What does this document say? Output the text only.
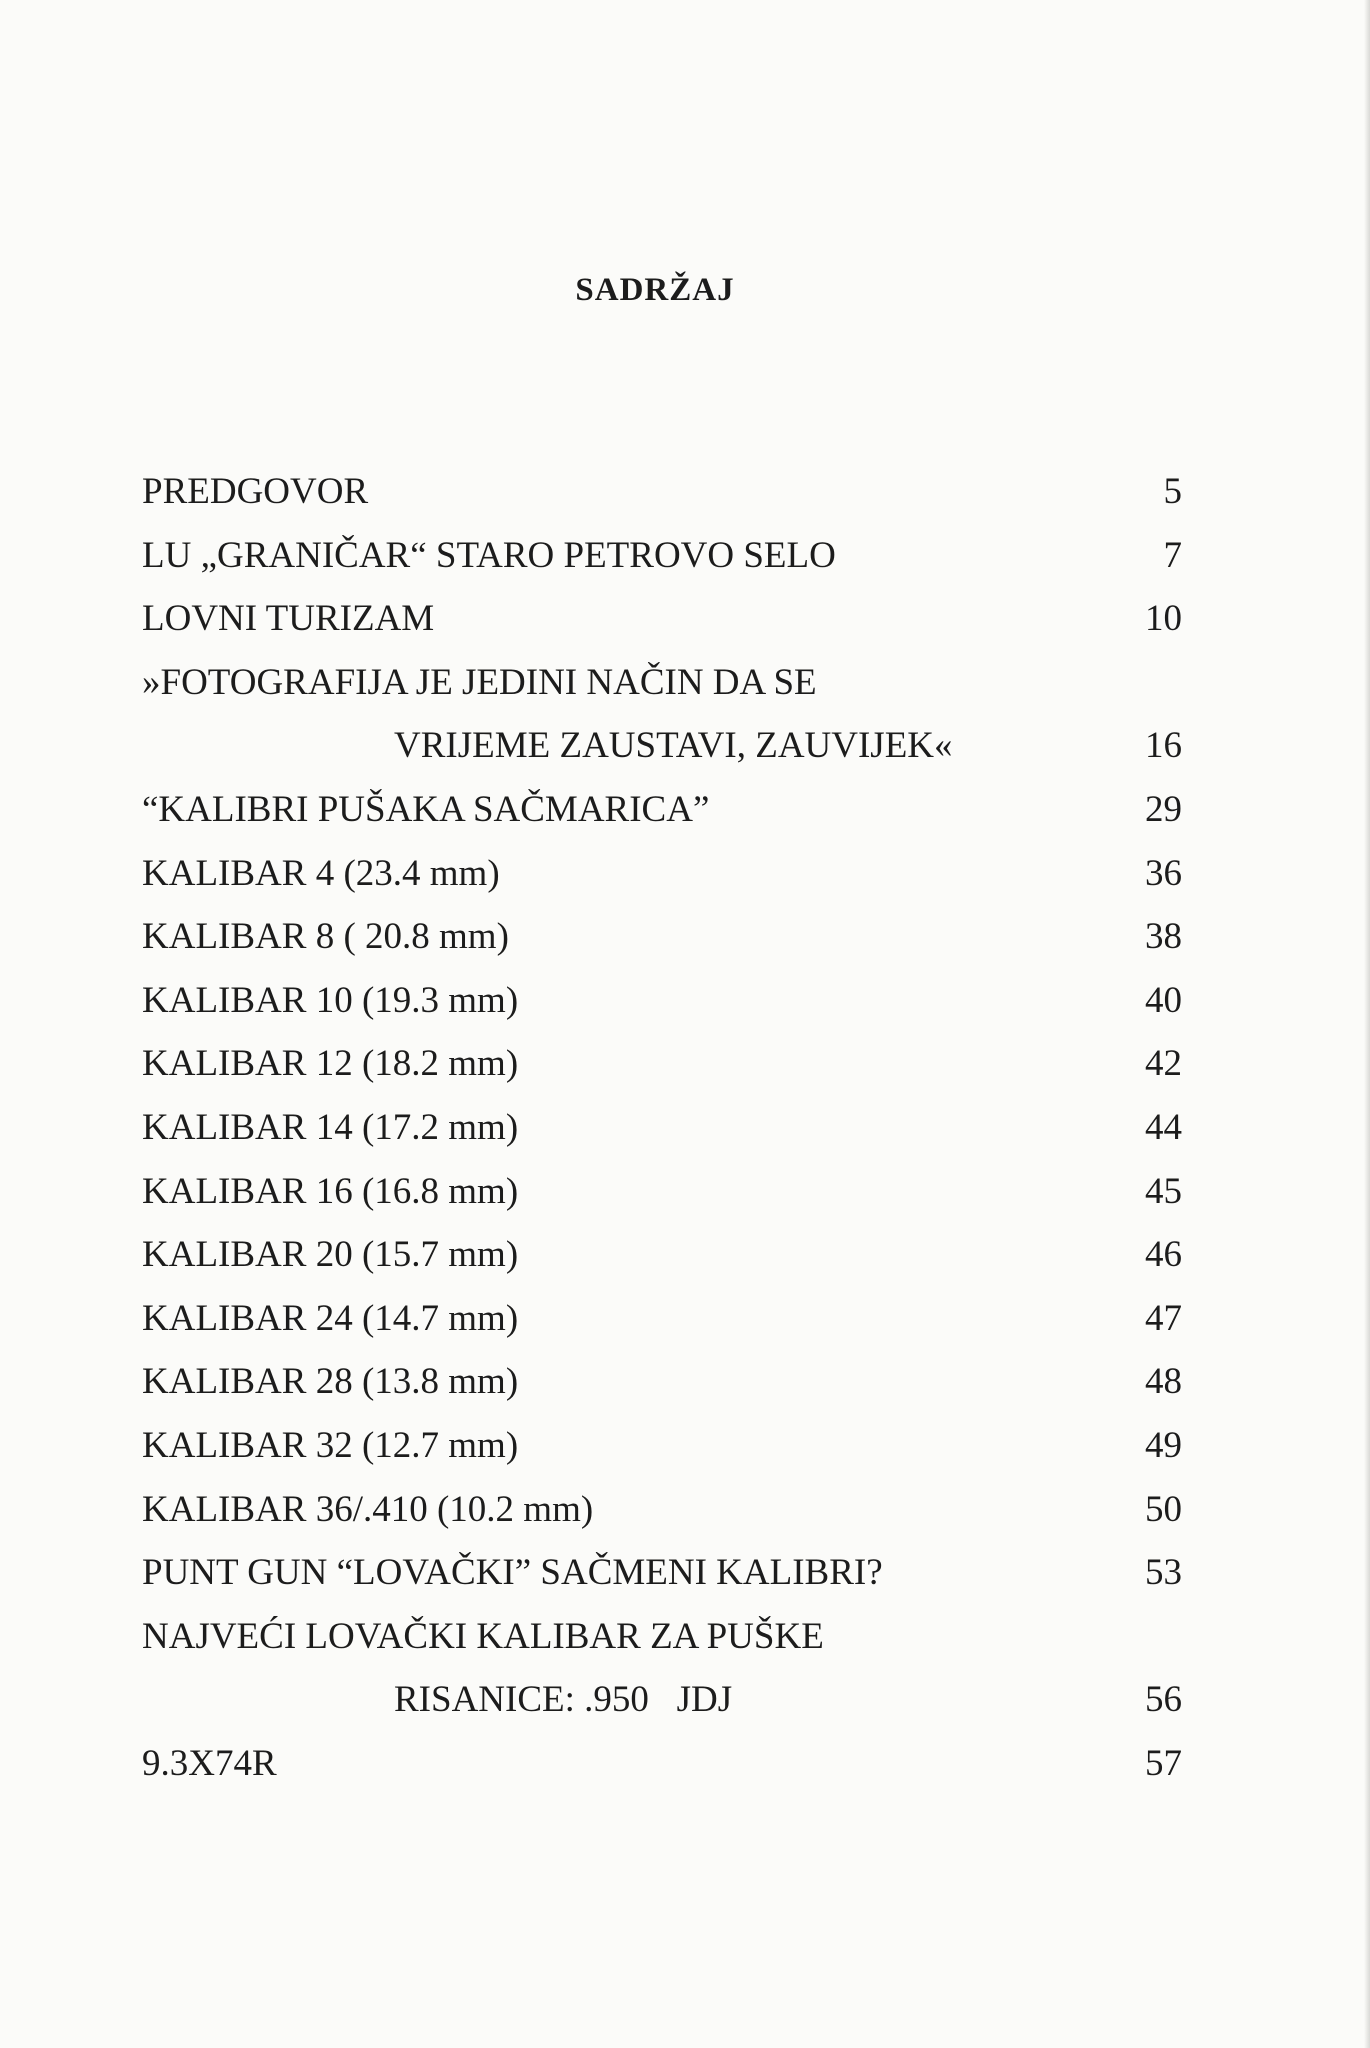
SADRŽAJ
PREDGOVOR	5
LU „GRANIČAR“ STARO PETROVO SELO	7
LOVNI TURIZAM	10
»FOTOGRAFIJA JE JEDINI NAČIN DA SE
VRIJEME ZAUSTAVI, ZAUVIJEK«	16
“KALIBRI PUŠAKA SAČMARICA”	29
KALIBAR 4 (23.4 mm)	36
KALIBAR 8 ( 20.8 mm)	38
KALIBAR 10 (19.3 mm)	40
KALIBAR 12 (18.2 mm)	42
KALIBAR 14 (17.2 mm)	44
KALIBAR 16 (16.8 mm)	45
KALIBAR 20 (15.7 mm)	46
KALIBAR 24 (14.7 mm)	47
KALIBAR 28 (13.8 mm)	48
KALIBAR 32 (12.7 mm)	49
KALIBAR 36/.410 (10.2 mm)	50
PUNT GUN “LOVAČKI” SAČMENI KALIBRI?	53
NAJVEĆI LOVAČKI KALIBAR ZA PUŠKE
RISANICE: .950   JDJ	56
9.3X74R	57
